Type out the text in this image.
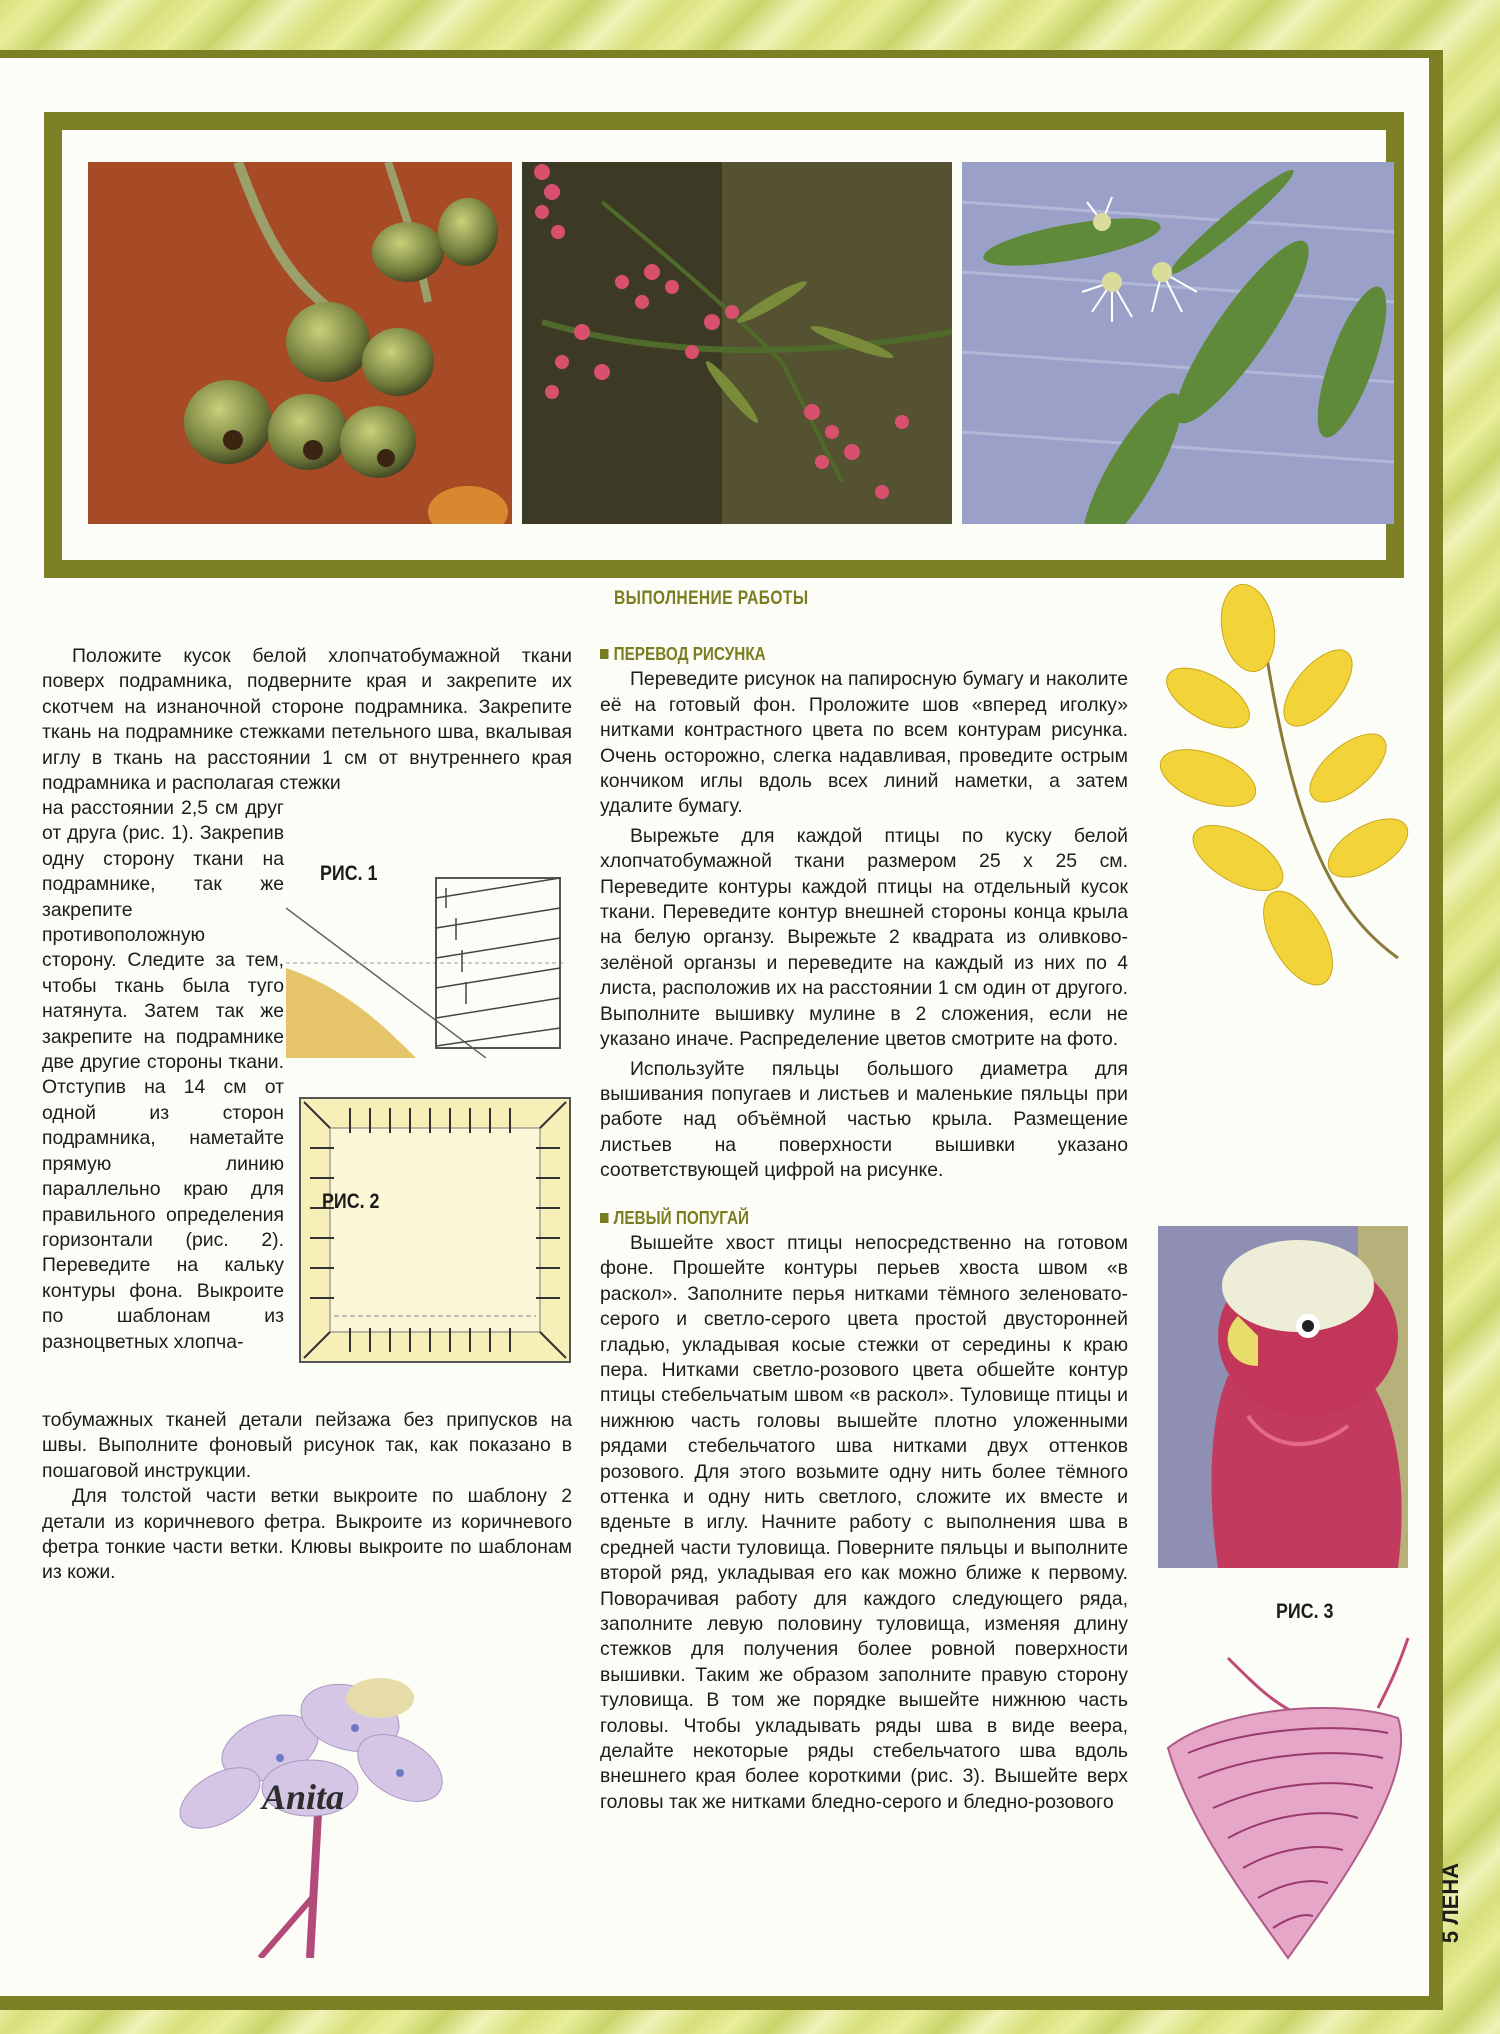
ВЫПОЛНЕНИЕ РАБОТЫ

Положите кусок белой хлопчатобумажной ткани поверх подрамника, подверните края и закрепите их скотчем на изнаночной стороне подрамника. Закрепите ткань на подрамнике стежками петельного шва, вкалывая иглу в ткань на расстоянии 1 см от внутреннего края подрамника и располагая стежки

на расстоянии 2,5 см друг от друга (рис. 1). Закрепив одну сторону ткани на подрамнике, так же закрепите противоположную сторону. Следите за тем, чтобы ткань была туго натянута. Затем так же закрепите на подрамнике две другие стороны ткани. Отступив на 14 см от одной из сторон подрамника, наметайте прямую линию параллельно краю для правильного определения горизонтали (рис. 2). Переведите на кальку контуры фона. Выкроите по шаблонам из разноцветных хлопча-

тобумажных тканей детали пейзажа без припусков на швы. Выполните фоновый рисунок так, как показано в пошаговой инструкции.

Для толстой части ветки выкроите по шаблону 2 детали из коричневого фетра. Выкроите из коричневого фетра тонкие части ветки. Клювы выкроите по шаблонам из кожи.

РИС. 1
РИС. 2
Anita
ПЕРЕВОД РИСУНКА

Переведите рисунок на папиросную бумагу и наколите её на готовый фон. Проложите шов «вперед иголку» нитками контрастного цвета по всем контурам рисунка. Очень осторожно, слегка надавливая, проведите острым кончиком иглы вдоль всех линий наметки, а затем удалите бумагу.

Вырежьте для каждой птицы по куску белой хлопчатобумажной ткани размером 25 х 25 см. Переведите контуры каждой птицы на отдельный кусок ткани. Переведите контур внешней стороны конца крыла на белую органзу. Вырежьте 2 квадрата из оливково-зелёной органзы и переведите на каждый из них по 4 листа, расположив их на расстоянии 1 см один от другого. Выполните вышивку мулине в 2 сложения, если не указано иначе. Распределение цветов смотрите на фото.

Используйте пяльцы большого диаметра для вышивания попугаев и листьев и маленькие пяльцы при работе над объёмной частью крыла. Размещение листьев на поверхности вышивки указано соответствующей цифрой на рисунке.

ЛЕВЫЙ ПОПУГАЙ

Вышейте хвост птицы непосредственно на готовом фоне. Прошейте контуры перьев хвоста швом «в раскол». Заполните перья нитками тёмного зеленовато-серого и светло-серого цвета простой двусторонней гладью, укладывая косые стежки от середины к краю пера. Нитками светло-розового цвета обшейте контур птицы стебельчатым швом «в раскол». Туловище птицы и нижнюю часть головы вышейте плотно уложенными рядами стебельчатого шва нитками двух оттенков розового. Для этого возьмите одну нить более тёмного оттенка и одну нить светлого, сложите их вместе и вденьте в иглу. Начните работу с выполнения шва в средней части туловища. Поверните пяльцы и выполните второй ряд, укладывая его как можно ближе к первому. Поворачивая работу для каждого следующего ряда, заполните левую половину туловища, изменяя длину стежков для получения более ровной поверхности вышивки. Таким же образом заполните правую сторону туловища. В том же порядке вышейте нижнюю часть головы. Чтобы укладывать ряды шва в виде веера, делайте некоторые ряды стебельчатого шва вдоль внешнего края более короткими (рис. 3). Вышейте верх головы так же нитками бледно-серого и бледно-розового

РИС. 3
5 ЛЕНА
